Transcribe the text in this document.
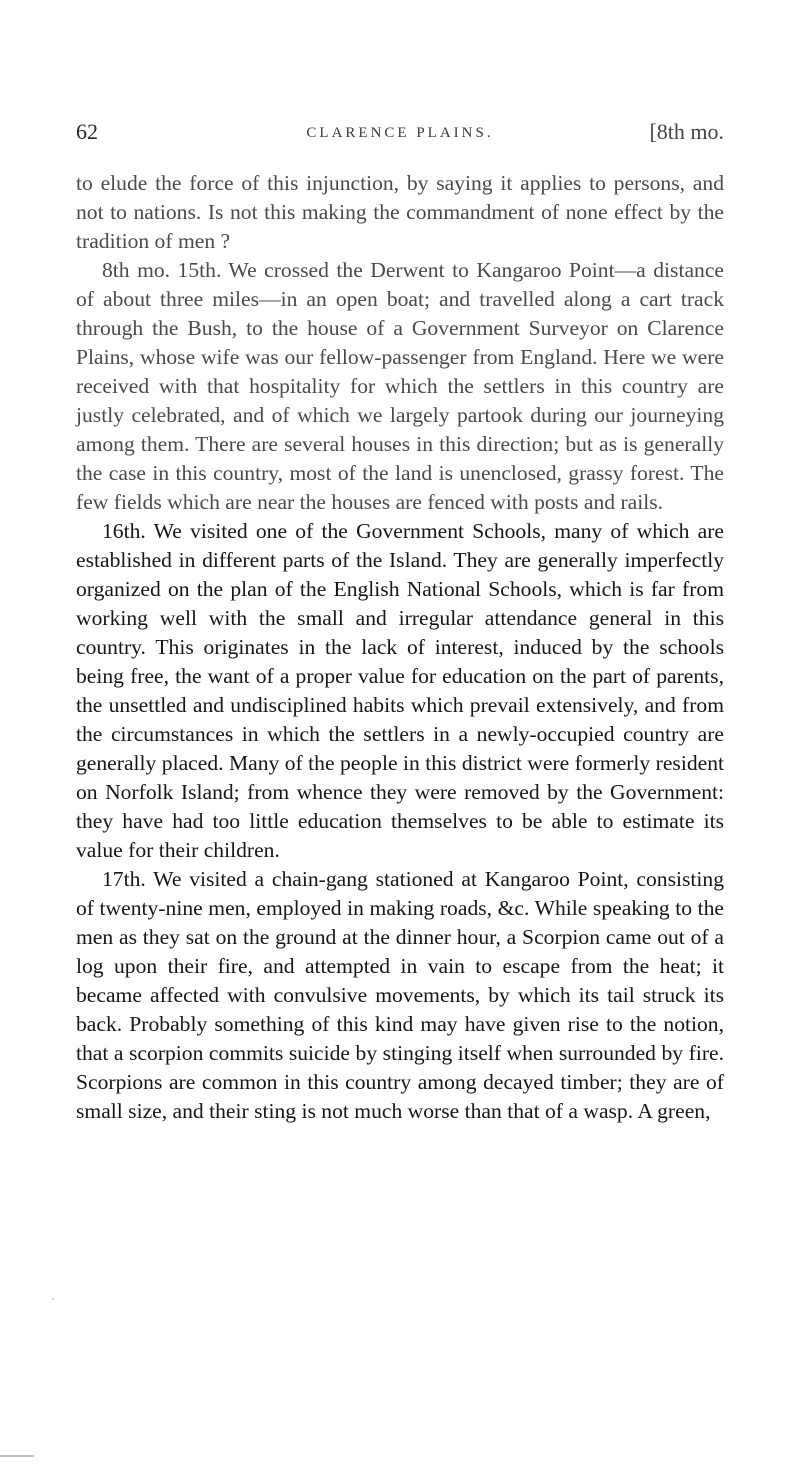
62	CLARENCE PLAINS.	[8th mo.

to elude the force of this injunction, by saying it applies to persons, and not to nations. Is not this making the commandment of none effect by the tradition of men ?

8th mo. 15th. We crossed the Derwent to Kangaroo Point—a distance of about three miles—in an open boat; and travelled along a cart track through the Bush, to the house of a Government Surveyor on Clarence Plains, whose wife was our fellow-passenger from England. Here we were received with that hospitality for which the settlers in this country are justly celebrated, and of which we largely partook during our journeying among them. There are several houses in this direction; but as is generally the case in this country, most of the land is unenclosed, grassy forest. The few fields which are near the houses are fenced with posts and rails.

16th. We visited one of the Government Schools, many of which are established in different parts of the Island. They are generally imperfectly organized on the plan of the English National Schools, which is far from working well with the small and irregular attendance general in this country. This originates in the lack of interest, induced by the schools being free, the want of a proper value for education on the part of parents, the unsettled and undisciplined habits which prevail extensively, and from the circumstances in which the settlers in a newly-occupied country are generally placed. Many of the people in this district were formerly resident on Norfolk Island; from whence they were removed by the Government: they have had too little education themselves to be able to estimate its value for their children.

17th. We visited a chain-gang stationed at Kangaroo Point, consisting of twenty-nine men, employed in making roads, &c. While speaking to the men as they sat on the ground at the dinner hour, a Scorpion came out of a log upon their fire, and attempted in vain to escape from the heat; it became affected with convulsive movements, by which its tail struck its back. Probably something of this kind may have given rise to the notion, that a scorpion commits suicide by stinging itself when surrounded by fire. Scorpions are common in this country among decayed timber; they are of small size, and their sting is not much worse than that of a wasp. A green,
